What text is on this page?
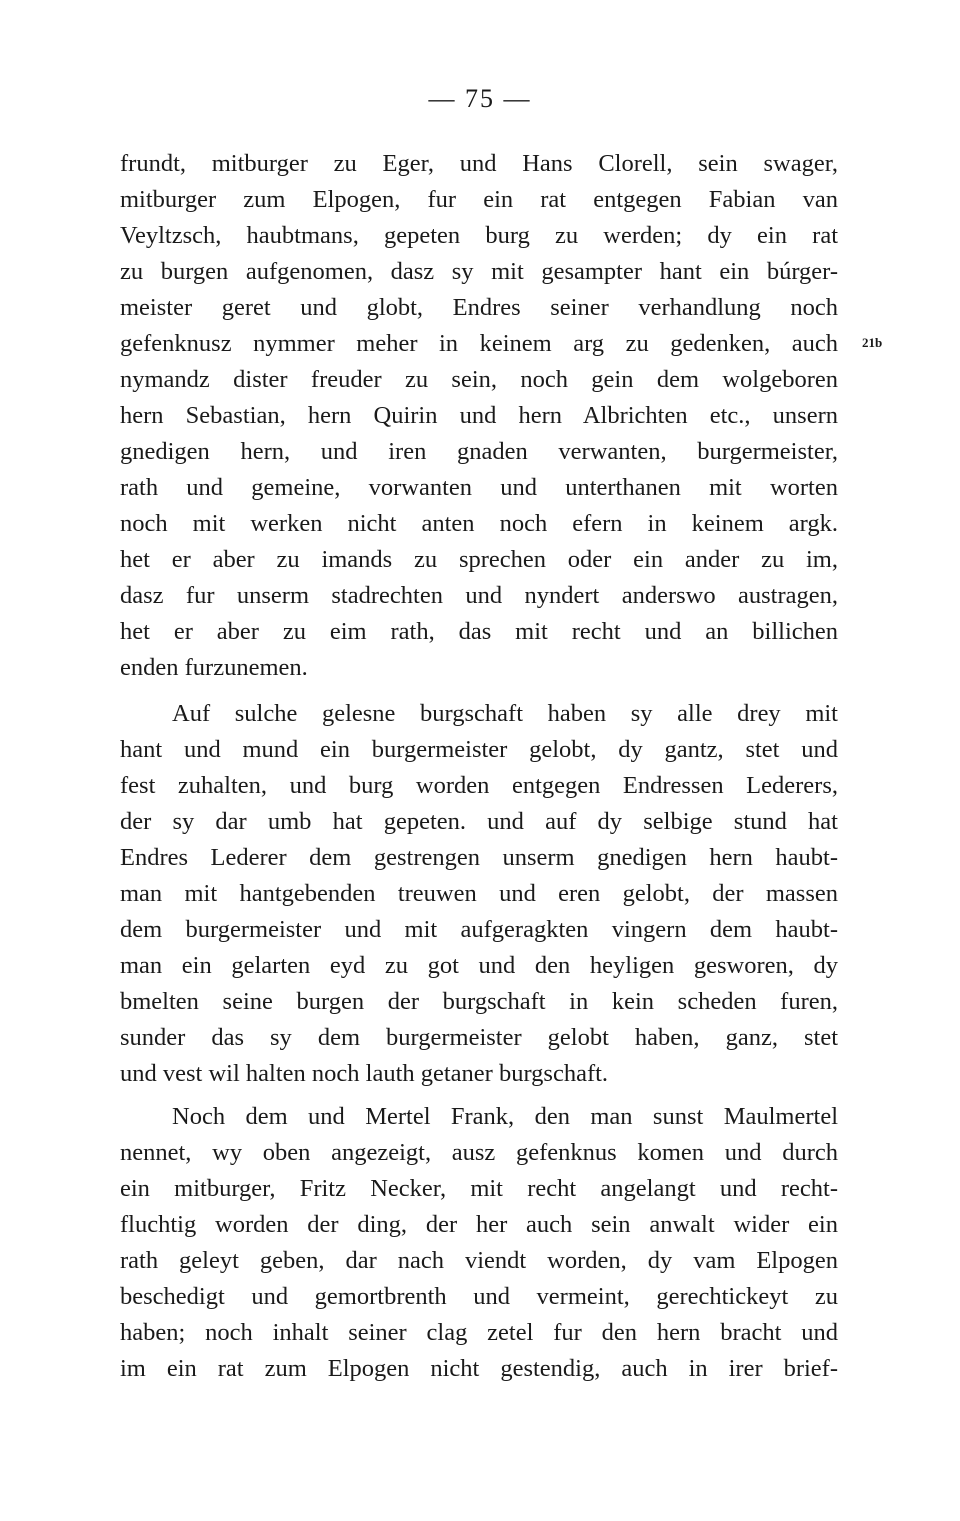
— 75 —
21b
frundt, mitburger zu Eger, und Hans Clorell, sein swager,
mitburger zum Elpogen, fur ein rat entgegen Fabian van
Veyltzsch, haubtmans, gepeten burg zu werden; dy ein rat
zu burgen aufgenomen, dasz sy mit gesampter hant ein búrger-
meister geret und globt, Endres seiner verhandlung noch
gefenknusz nymmer meher in keinem arg zu gedenken, auch
nymandz dister freuder zu sein, noch gein dem wolgeboren
hern Sebastian, hern Quirin und hern Albrichten etc., unsern
gnedigen hern, und iren gnaden verwanten, burgermeister,
rath und gemeine, vorwanten und unterthanen mit worten
noch mit werken nicht anten noch efern in keinem argk.
het er aber zu imands zu sprechen oder ein ander zu im,
dasz fur unserm stadrechten und nyndert anderswo austragen,
het er aber zu eim rath, das mit recht und an billichen
enden furzunemen.
Auf sulche gelesne burgschaft haben sy alle drey mit
hant und mund ein burgermeister gelobt, dy gantz, stet und
fest zuhalten, und burg worden entgegen Endressen Lederers,
der sy dar umb hat gepeten. und auf dy selbige stund hat
Endres Lederer dem gestrengen unserm gnedigen hern haubt-
man mit hantgebenden treuwen und eren gelobt, der massen
dem burgermeister und mit aufgeragkten vingern dem haubt-
man ein gelarten eyd zu got und den heyligen gesworen, dy
bmelten seine burgen der burgschaft in kein scheden furen,
sunder das sy dem burgermeister gelobt haben, ganz, stet
und vest wil halten noch lauth getaner burgschaft.
Noch dem und Mertel Frank, den man sunst Maulmertel
nennet, wy oben angezeigt, ausz gefenknus komen und durch
ein mitburger, Fritz Necker, mit recht angelangt und recht-
fluchtig worden der ding, der her auch sein anwalt wider ein
rath geleyt geben, dar nach viendt worden, dy vam Elpogen
beschedigt und gemortbrenth und vermeint, gerechtickeyt zu
haben; noch inhalt seiner clag zetel fur den hern bracht und
im ein rat zum Elpogen nicht gestendig, auch in irer brief-
